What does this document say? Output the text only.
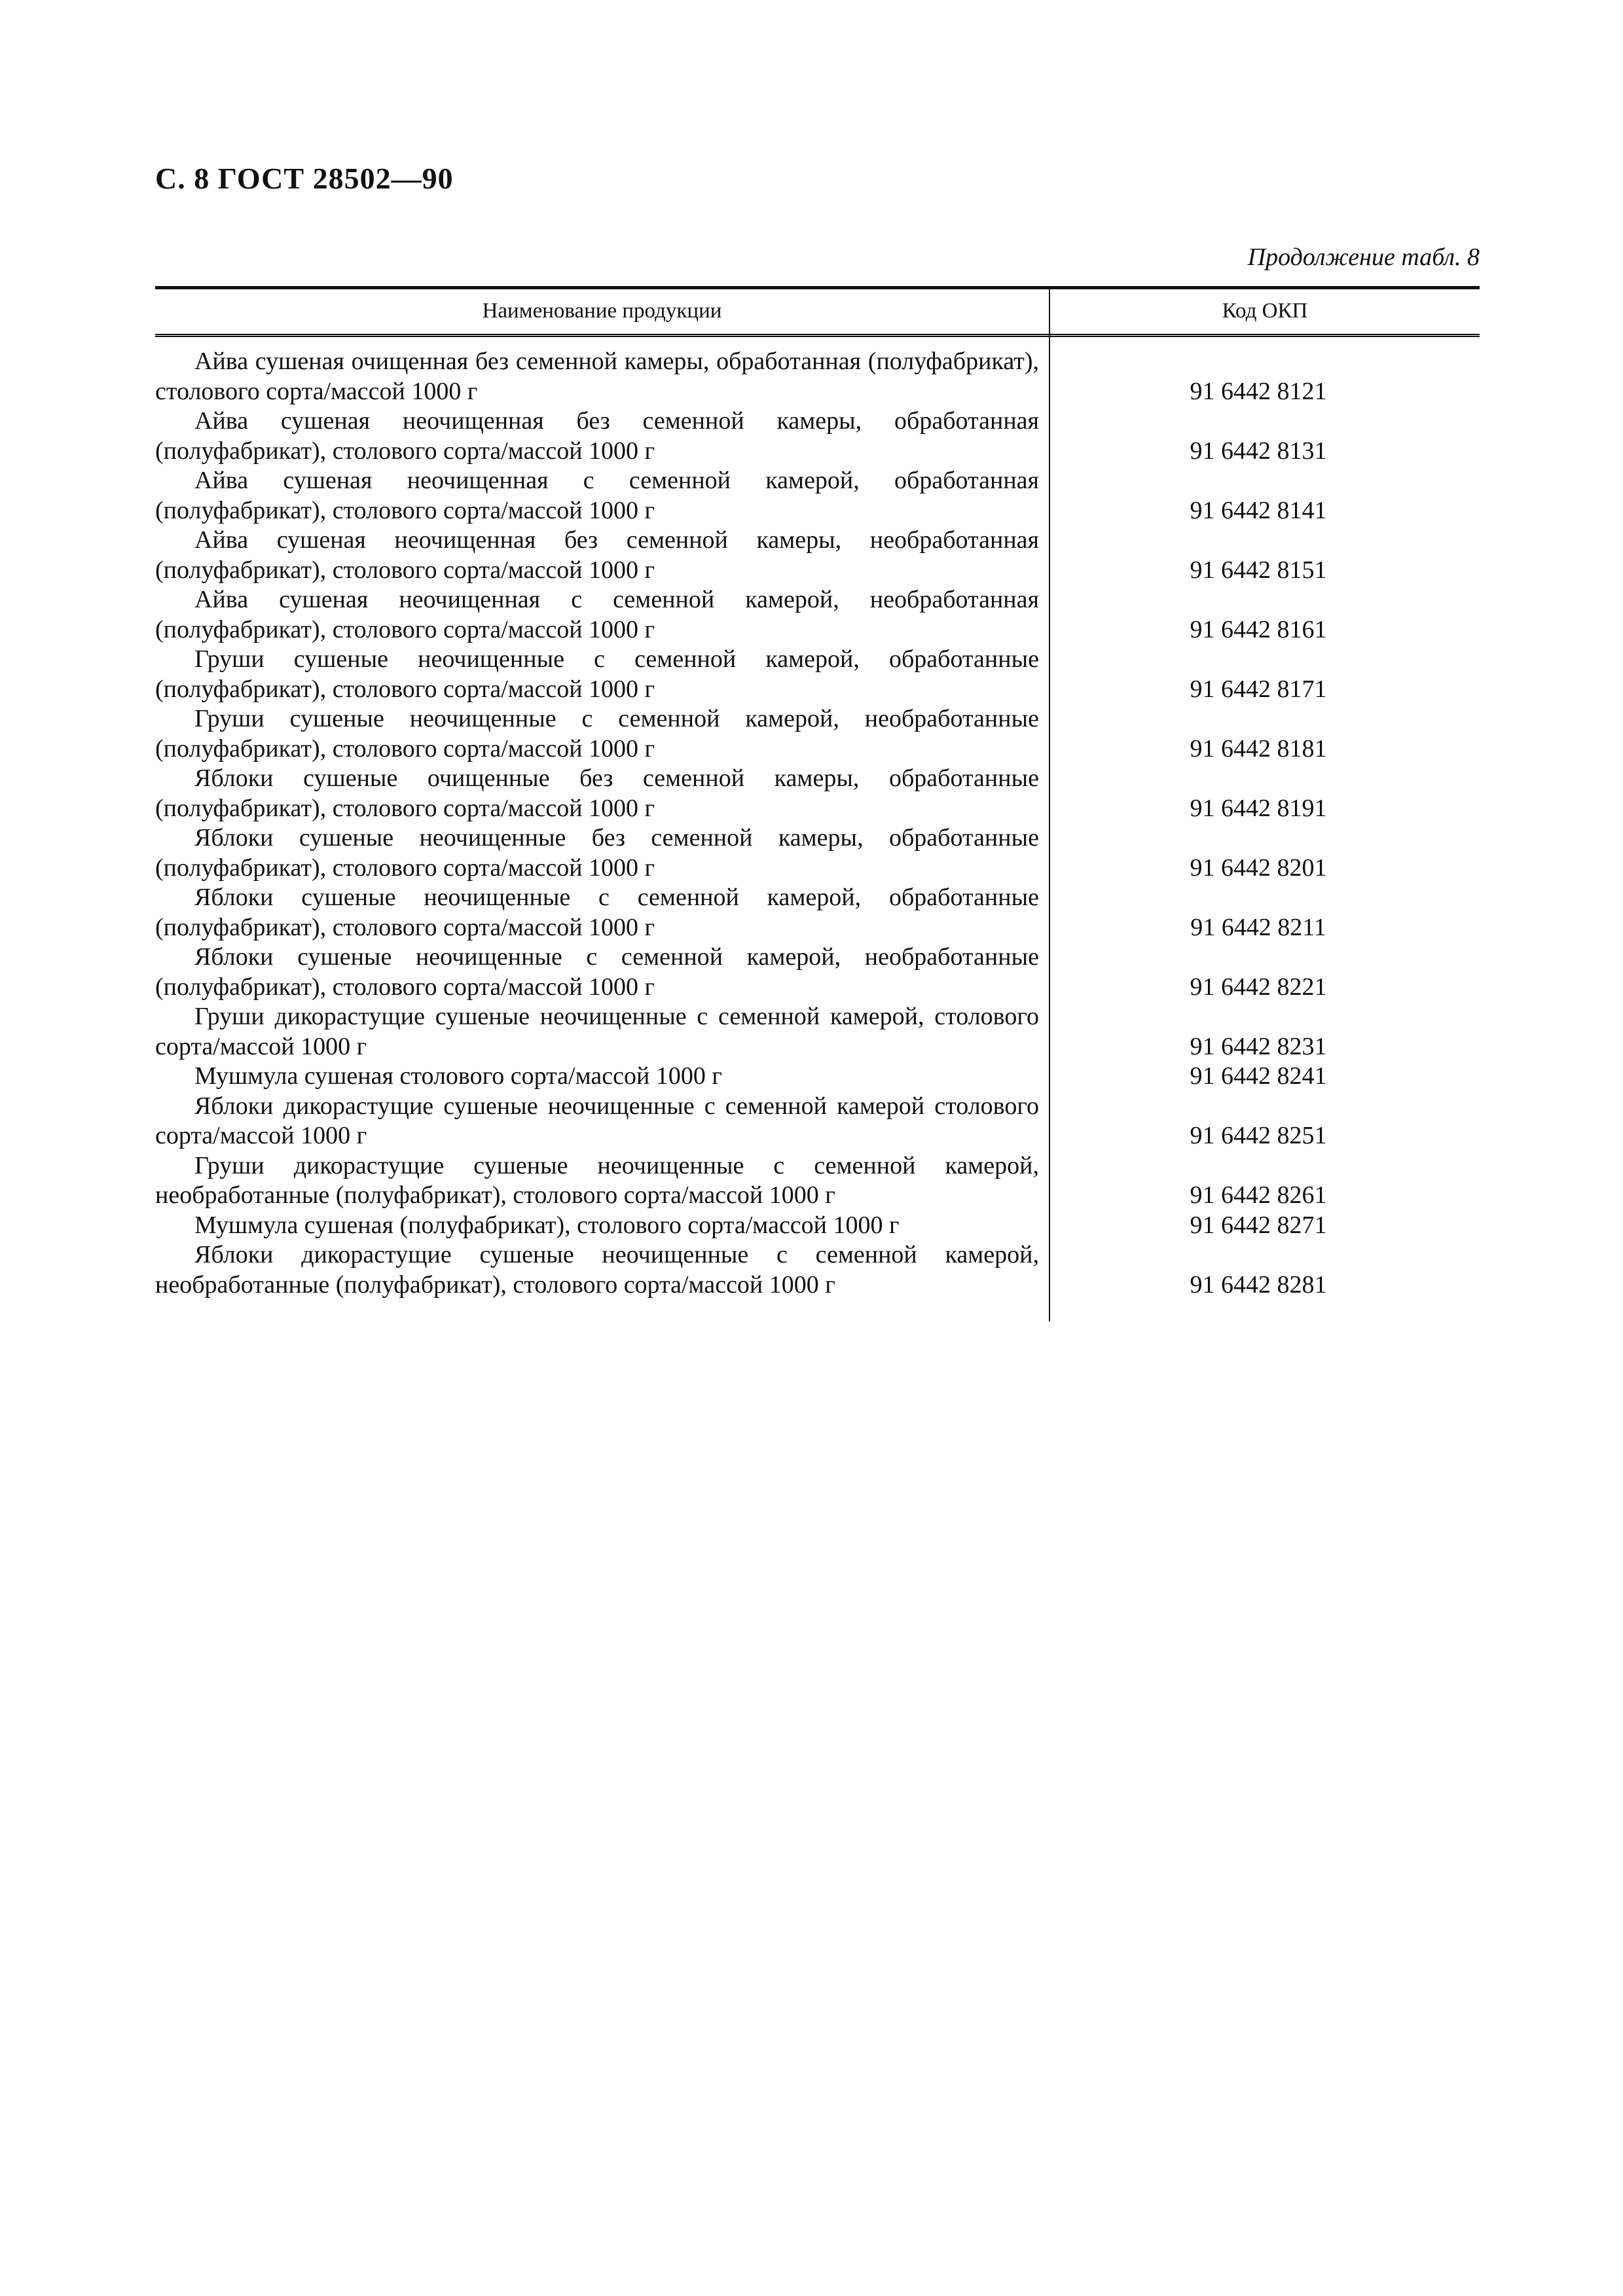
С. 8 ГОСТ 28502—90
Продолжение табл. 8
Наименование продукции	Код ОКП
Айва сушеная очищенная без семенной камеры, обработанная (полуфабрикат), столового сорта/массой 1000 г	91 6442 8121
Айва сушеная неочищенная без семенной камеры, обработанная (полуфабрикат), столового сорта/массой 1000 г	91 6442 8131
Айва сушеная неочищенная с семенной камерой, обработанная (полуфабрикат), столового сорта/массой 1000 г	91 6442 8141
Айва сушеная неочищенная без семенной камеры, необработанная (полуфабрикат), столового сорта/массой 1000 г	91 6442 8151
Айва сушеная неочищенная с семенной камерой, необработанная (полуфабрикат), столового сорта/массой 1000 г	91 6442 8161
Груши сушеные неочищенные с семенной камерой, обработанные (полуфабрикат), столового сорта/массой 1000 г	91 6442 8171
Груши сушеные неочищенные с семенной камерой, необработанные (полуфабрикат), столового сорта/массой 1000 г	91 6442 8181
Яблоки сушеные очищенные без семенной камеры, обработанные (полуфабрикат), столового сорта/массой 1000 г	91 6442 8191
Яблоки сушеные неочищенные без семенной камеры, обработанные (полуфабрикат), столового сорта/массой 1000 г	91 6442 8201
Яблоки сушеные неочищенные с семенной камерой, обработанные (полуфабрикат), столового сорта/массой 1000 г	91 6442 8211
Яблоки сушеные неочищенные с семенной камерой, необработанные (полуфабрикат), столового сорта/массой 1000 г	91 6442 8221
Груши дикорастущие сушеные неочищенные с семенной камерой, столового сорта/массой 1000 г	91 6442 8231
Мушмула сушеная столового сорта/массой 1000 г	91 6442 8241
Яблоки дикорастущие сушеные неочищенные с семенной камерой столового сорта/массой 1000 г	91 6442 8251
Груши дикорастущие сушеные неочищенные с семенной камерой, необработанные (полуфабрикат), столового сорта/массой 1000 г	91 6442 8261
Мушмула сушеная (полуфабрикат), столового сорта/массой 1000 г	91 6442 8271
Яблоки дикорастущие сушеные неочищенные с семенной камерой, необработанные (полуфабрикат), столового сорта/массой 1000 г	91 6442 8281
